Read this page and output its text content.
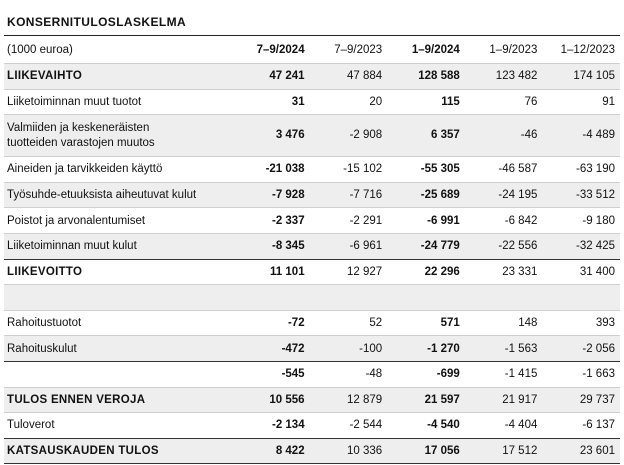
KONSERNITULOSLASKELMA
(1000 euroa)	7–9/2024	7–9/2023	1–9/2024	1–9/2023	1–12/2023
LIIKEVAIHTO	47 241	47 884	128 588	123 482	174 105
Liiketoiminnan muut tuotot	31	20	115	76	91
Valmiiden ja keskeneräisten
tuotteiden varastojen muutos	3 476	-2 908	6 357	-46	-4 489
Aineiden ja tarvikkeiden käyttö	-21 038	-15 102	-55 305	-46 587	-63 190
Työsuhde-etuuksista aiheutuvat kulut	-7 928	-7 716	-25 689	-24 195	-33 512
Poistot ja arvonalentumiset	-2 337	-2 291	-6 991	-6 842	-9 180
Liiketoiminnan muut kulut	-8 345	-6 961	-24 779	-22 556	-32 425
LIIKEVOITTO	11 101	12 927	22 296	23 331	31 400

Rahoitustuotot	-72	52	571	148	393
Rahoituskulut	-472	-100	-1 270	-1 563	-2 056
	-545	-48	-699	-1 415	-1 663
TULOS ENNEN VEROJA	10 556	12 879	21 597	21 917	29 737
Tuloverot	-2 134	-2 544	-4 540	-4 404	-6 137
KATSAUSKAUDEN TULOS	8 422	10 336	17 056	17 512	23 601
